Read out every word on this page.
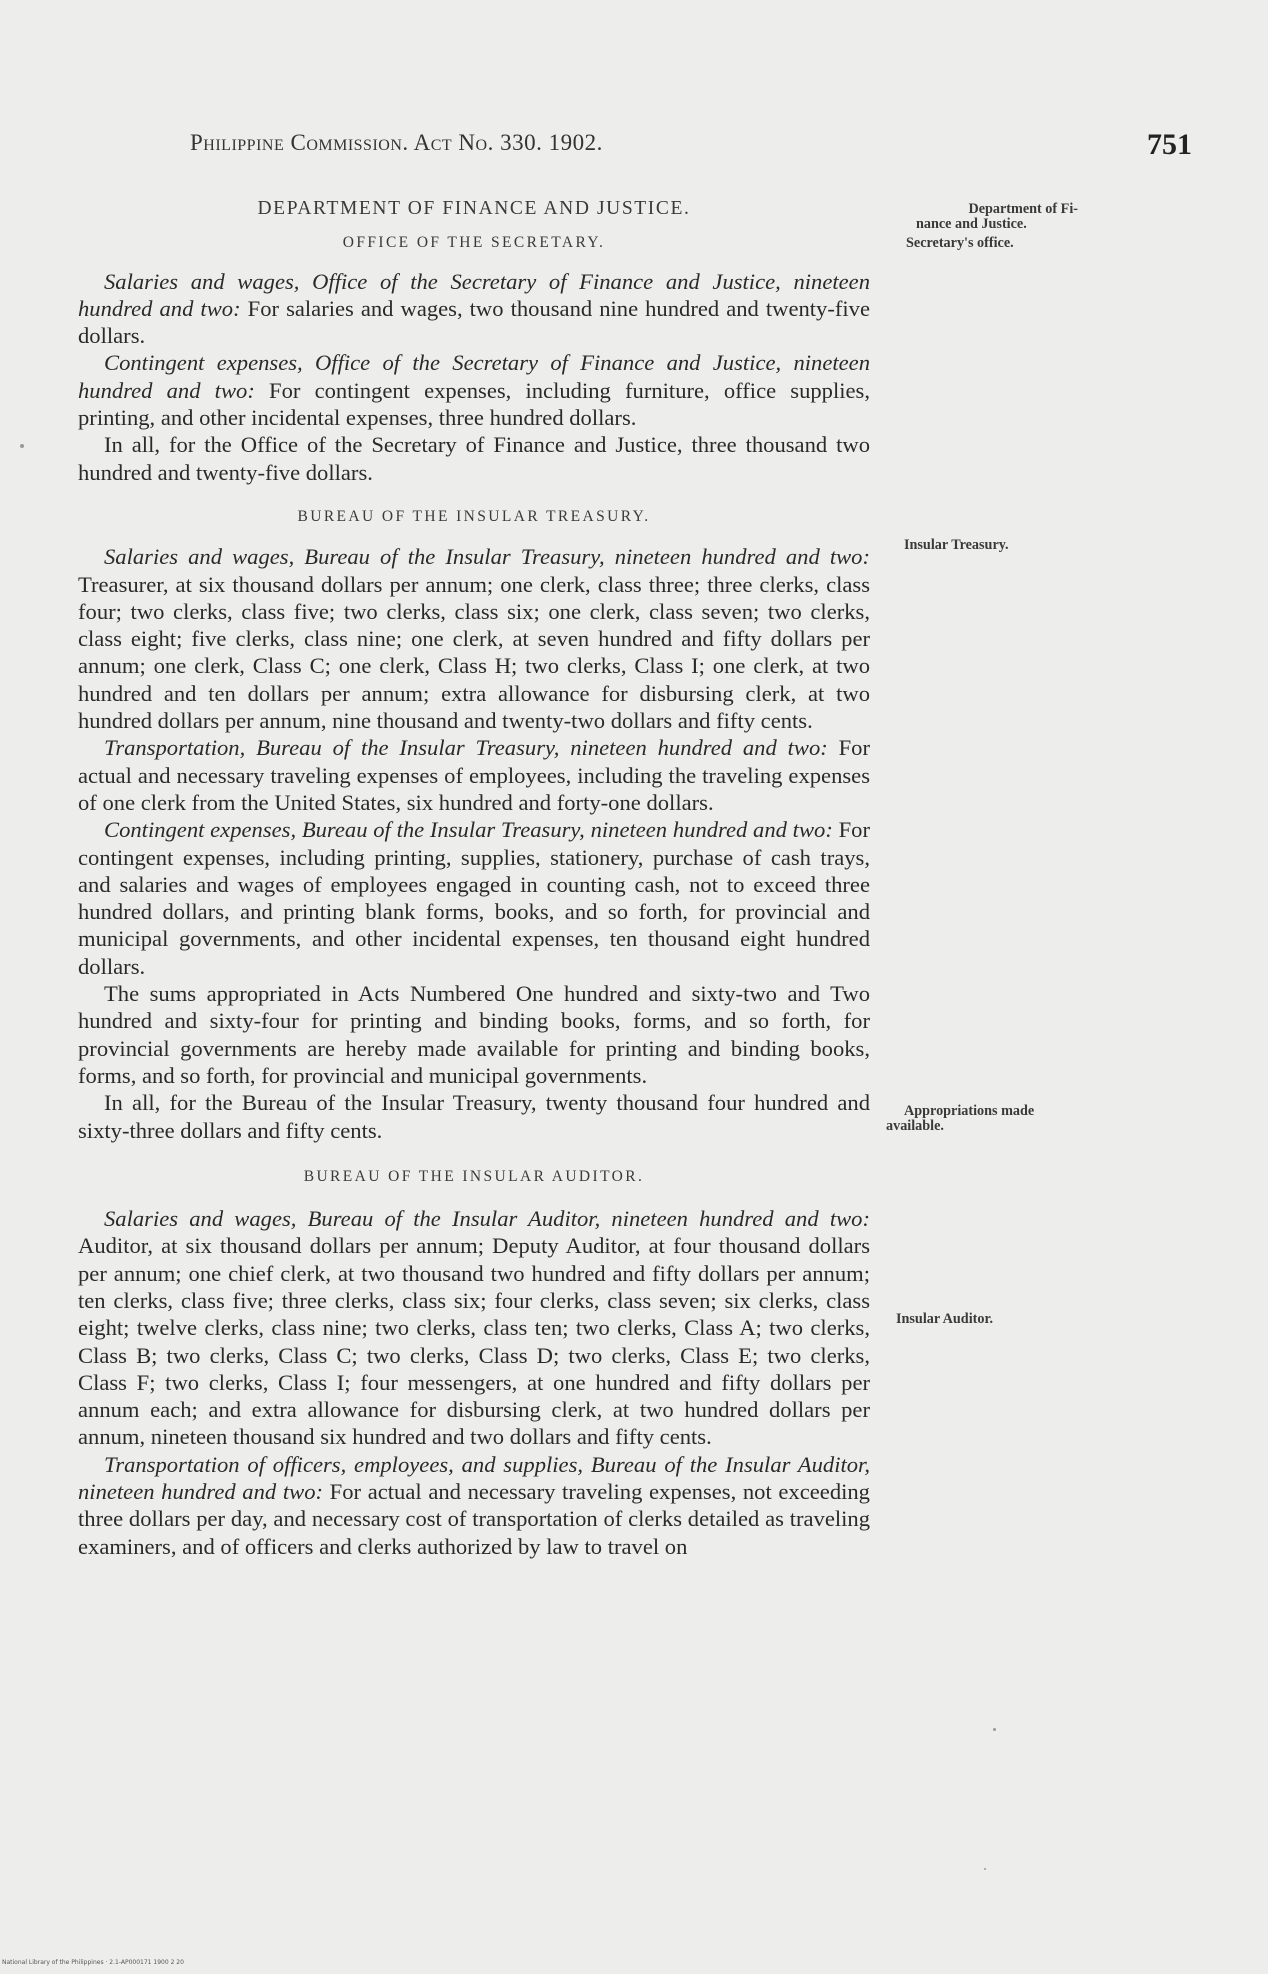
Philippine Commission. Act No. 330. 1902.	751
DEPARTMENT OF FINANCE AND JUSTICE.
OFFICE OF THE SECRETARY.

Salaries and wages, Office of the Secretary of Finance and Justice, nineteen hundred and two: For salaries and wages, two thousand nine hundred and twenty-five dollars.

Contingent expenses, Office of the Secretary of Finance and Justice, nineteen hundred and two: For contingent expenses, including furniture, office supplies, printing, and other incidental expenses, three hundred dollars.

In all, for the Office of the Secretary of Finance and Justice, three thousand two hundred and twenty-five dollars.

BUREAU OF THE INSULAR TREASURY.

Salaries and wages, Bureau of the Insular Treasury, nineteen hundred and two: Treasurer, at six thousand dollars per annum; one clerk, class three; three clerks, class four; two clerks, class five; two clerks, class six; one clerk, class seven; two clerks, class eight; five clerks, class nine; one clerk, at seven hundred and fifty dollars per annum; one clerk, Class C; one clerk, Class H; two clerks, Class I; one clerk, at two hundred and ten dollars per annum; extra allowance for disbursing clerk, at two hundred dollars per annum, nine thousand and twenty-two dollars and fifty cents.

Transportation, Bureau of the Insular Treasury, nineteen hundred and two: For actual and necessary traveling expenses of employees, including the traveling expenses of one clerk from the United States, six hundred and forty-one dollars.

Contingent expenses, Bureau of the Insular Treasury, nineteen hundred and two: For contingent expenses, including printing, supplies, stationery, purchase of cash trays, and salaries and wages of employees engaged in counting cash, not to exceed three hundred dollars, and printing blank forms, books, and so forth, for provincial and municipal governments, and other incidental expenses, ten thousand eight hundred dollars.

The sums appropriated in Acts Numbered One hundred and sixty-two and Two hundred and sixty-four for printing and binding books, forms, and so forth, for provincial governments are hereby made available for printing and binding books, forms, and so forth, for provincial and municipal governments.

In all, for the Bureau of the Insular Treasury, twenty thousand four hundred and sixty-three dollars and fifty cents.

BUREAU OF THE INSULAR AUDITOR.

Salaries and wages, Bureau of the Insular Auditor, nineteen hundred and two: Auditor, at six thousand dollars per annum; Deputy Auditor, at four thousand dollars per annum; one chief clerk, at two thousand two hundred and fifty dollars per annum; ten clerks, class five; three clerks, class six; four clerks, class seven; six clerks, class eight; twelve clerks, class nine; two clerks, class ten; two clerks, Class A; two clerks, Class B; two clerks, Class C; two clerks, Class D; two clerks, Class E; two clerks, Class F; two clerks, Class I; four messengers, at one hundred and fifty dollars per annum each; and extra allowance for disbursing clerk, at two hundred dollars per annum, nineteen thousand six hundred and two dollars and fifty cents.

Transportation of officers, employees, and supplies, Bureau of the Insular Auditor, nineteen hundred and two: For actual and necessary traveling expenses, not exceeding three dollars per day, and necessary cost of transportation of clerks detailed as traveling examiners, and of officers and clerks authorized by law to travel on

Department of Fi-
nance and Justice.
Secretary's office.
Insular Treasury.
Appropriations made
available.
Insular Auditor.
National Library of the Philippines · 2.1-AP000171 1900 2 20
